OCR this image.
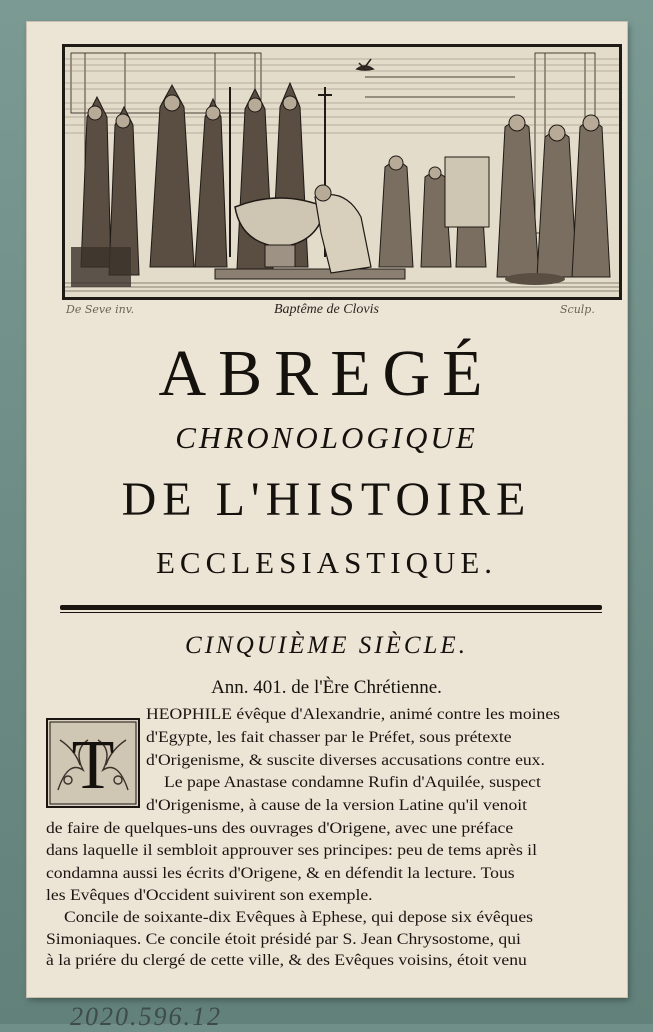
De Seve inv.	Sculp.
Baptême de Clovis
ABREGÉ
CHRONOLOGIQUE
DE L'HISTOIRE
ECCLESIASTIQUE.
CINQUIÈME SIÈCLE.
Ann. 401. de l'Ère Chrétienne.
T
HEOPHILE évêque d'Alexandrie, animé contre les moines
d'Egypte, les fait chasser par le Préfet, sous prétexte
d'Origenisme, & suscite diverses accusations contre eux.
Le pape Anastase condamne Rufin d'Aquilée, suspect
d'Origenisme, à cause de la version Latine qu'il venoit
de faire de quelques-uns des ouvrages d'Origene, avec une préface
dans laquelle il sembloit approuver ses principes: peu de tems après il
condamna aussi les écrits d'Origene, & en défendit la lecture. Tous
les Evêques d'Occident suivirent son exemple.
Concile de soixante-dix Evêques à Ephese, qui depose six évêques
Simoniaques. Ce concile étoit présidé par S. Jean Chrysostome, qui
à la priére du clergé de cette ville, & des Evêques voisins, étoit venu
2020.596.12
